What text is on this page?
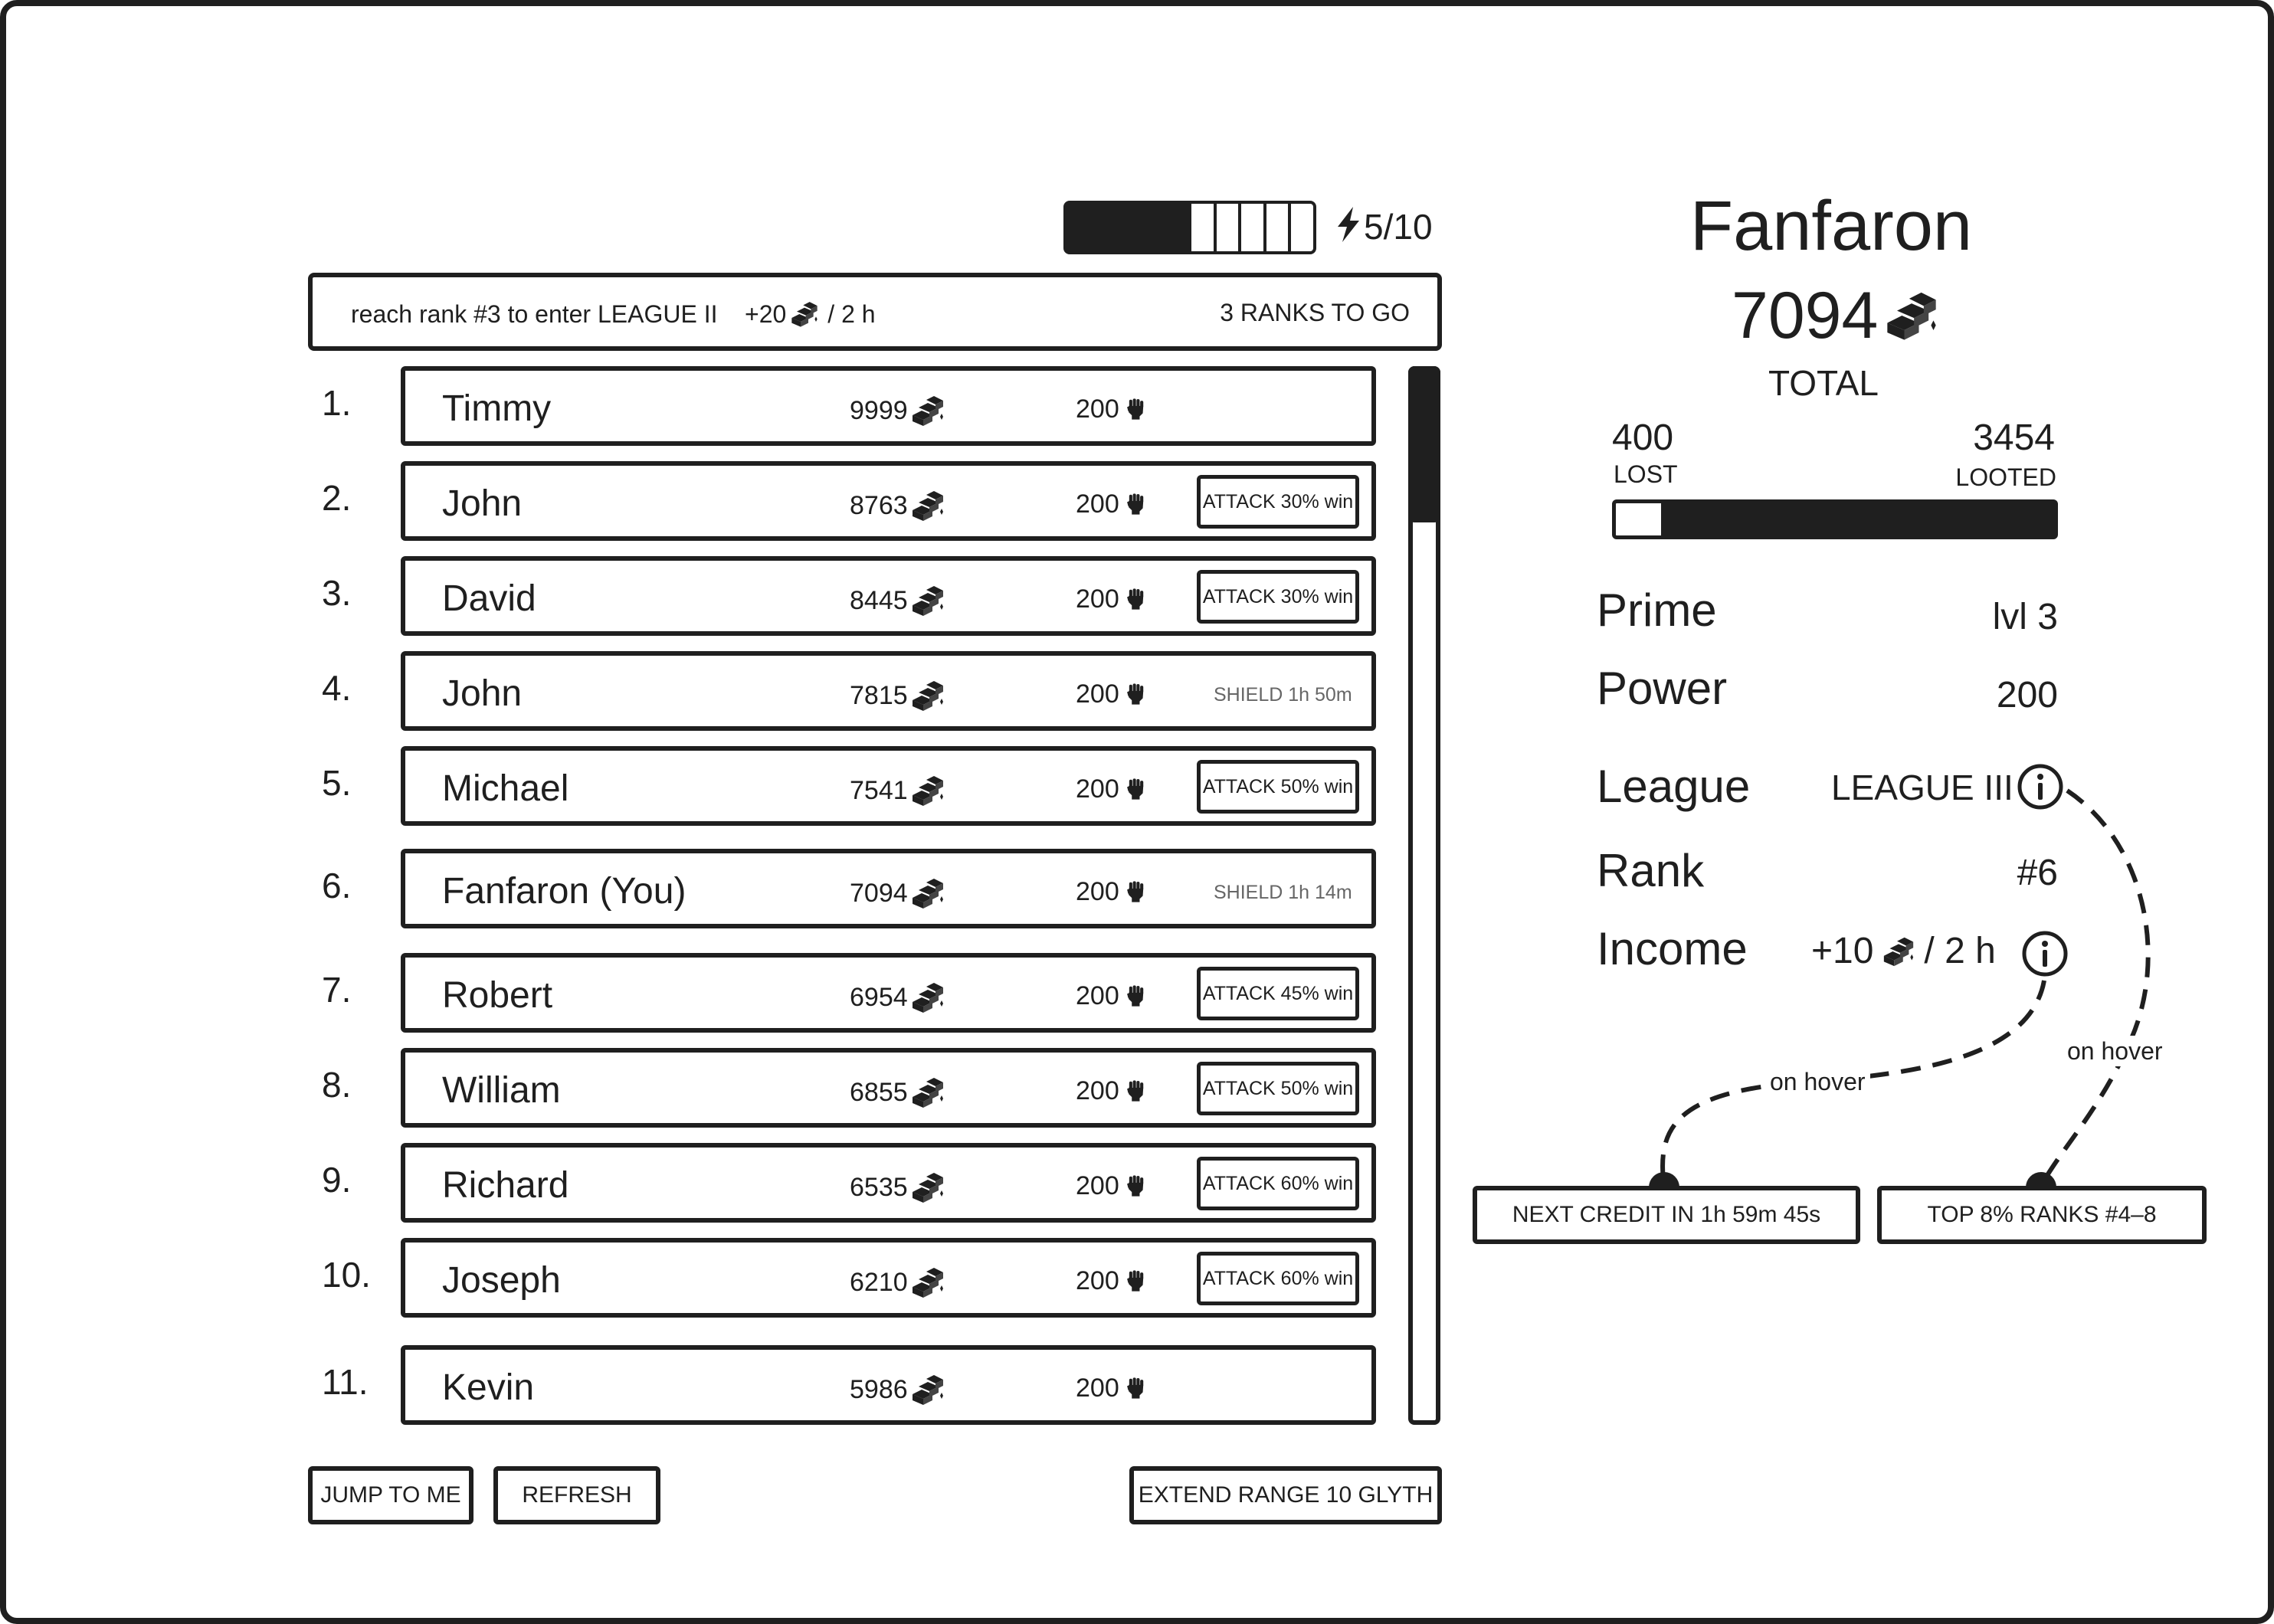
5/10
reach rank #3 to enter LEAGUE II +20 / 2 h	3 RANKS TO GO
1. Timmy	9999	200
2. John	8763	200	ATTACK 30% win
3. David	8445	200	ATTACK 30% win
4. John	7815	200	SHIELD 1h 50m
5. Michael	7541	200	ATTACK 50% win
6. Fanfaron (You)	7094	200	SHIELD 1h 14m
7. Robert	6954	200	ATTACK 45% win
8. William	6855	200	ATTACK 50% win
9. Richard	6535	200	ATTACK 60% win
10. Joseph	6210	200	ATTACK 60% win
11. Kevin	5986	200
JUMP TO ME	REFRESH	EXTEND RANGE 10 GLYTH
Fanfaron
7094
TOTAL
400
LOST
3454
LOOTED
Prime	lvl 3
Power	200
League LEAGUE III
Rank	#6
Income +10 / 2 h
on hover
on hover
NEXT CREDIT IN 1h 59m 45s	TOP 8% RANKS #4–8
